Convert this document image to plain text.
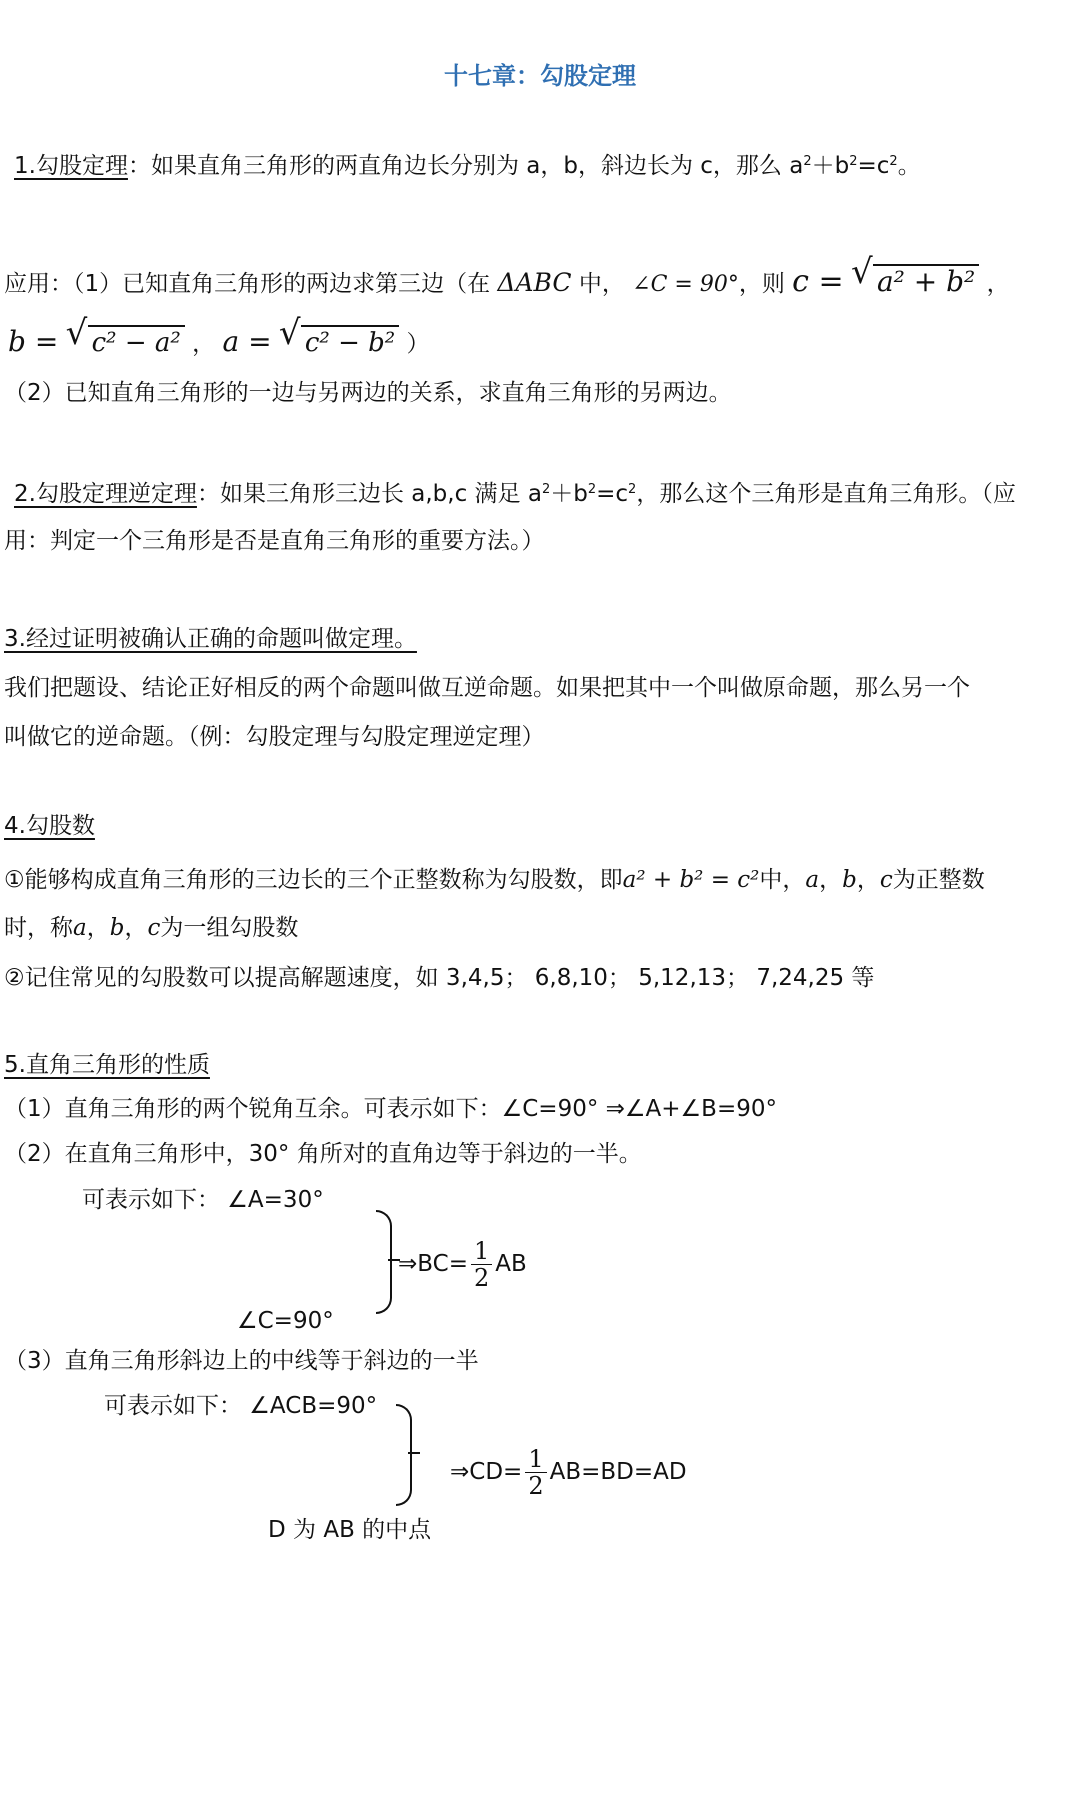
十七章：勾股定理
1.勾股定理：如果直角三角形的两直角边长分别为 a，b，斜边长为 c，那么 $a^2+b^2=c^2$。
应用：（1）已知直角三角形的两边求第三边（在 ΔABC 中， ∠C = 90°，则 c = √ a² + b² ，
b = √ c² − a² ， a = √ c² − b² ）
（2）已知直角三角形的一边与另两边的关系，求直角三角形的另两边。
2.勾股定理逆定理：如果三角形三边长 a,b,c 满足 $a^2+b^2=c^2$，那么这个三角形是直角三角形。（应
用：判定一个三角形是否是直角三角形的重要方法。）
3.经过证明被确认正确的命题叫做定理。
我们把题设、结论正好相反的两个命题叫做互逆命题。如果把其中一个叫做原命题，那么另一个
叫做它的逆命题。（例：勾股定理与勾股定理逆定理）
4.勾股数
①能够构成直角三角形的三边长的三个正整数称为勾股数，即a² + b² = c²中，a，b，c为正整数
时，称a，b，c为一组勾股数
②记住常见的勾股数可以提高解题速度，如 3,4,5； 6,8,10； 5,12,13； 7,24,25 等
5.直角三角形的性质
（1）直角三角形的两个锐角互余。可表示如下：∠C=90° ⇒∠A+∠B=90°
（2）在直角三角形中，30° 角所对的直角边等于斜边的一半。
可表示如下： ∠A=30°
⇒BC= $\frac{1}{2}$ AB
∠C=90°
（3）直角三角形斜边上的中线等于斜边的一半
可表示如下： ∠ACB=90°
⇒CD= $\frac{1}{2} AB=BD=AD$
D 为 AB 的中点
